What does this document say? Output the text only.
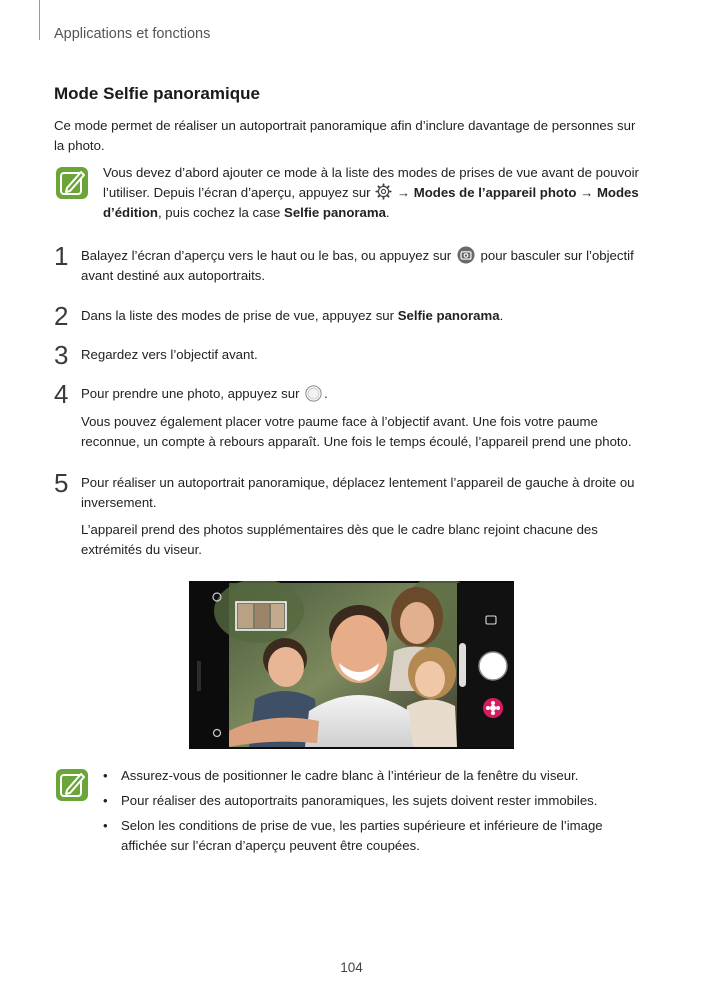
Applications et fonctions
Mode Selfie panoramique
Ce mode permet de réaliser un autoportrait panoramique afin d’inclure davantage de personnes sur la photo.
Vous devez d’abord ajouter ce mode à la liste des modes de prises de vue avant de pouvoir l’utiliser. Depuis l’écran d’aperçu, appuyez sur  → Modes de l’appareil photo → Modes d’édition, puis cochez la case Selfie panorama.
1 Balayez l’écran d’aperçu vers le haut ou le bas, ou appuyez sur  pour basculer sur l’objectif avant destiné aux autoportraits.
2 Dans la liste des modes de prise de vue, appuyez sur Selfie panorama.
3 Regardez vers l’objectif avant.
4 Pour prendre une photo, appuyez sur .
Vous pouvez également placer votre paume face à l’objectif avant. Une fois votre paume reconnue, un compte à rebours apparaît. Une fois le temps écoulé, l’appareil prend une photo.
5 Pour réaliser un autoportrait panoramique, déplacez lentement l’appareil de gauche à droite ou inversement.
L’appareil prend des photos supplémentaires dès que le cadre blanc rejoint chacune des extrémités du viseur.
• Assurez-vous de positionner le cadre blanc à l’intérieur de la fenêtre du viseur.
• Pour réaliser des autoportraits panoramiques, les sujets doivent rester immobiles.
• Selon les conditions de prise de vue, les parties supérieure et inférieure de l’image affichée sur l’écran d’aperçu peuvent être coupées.
104
